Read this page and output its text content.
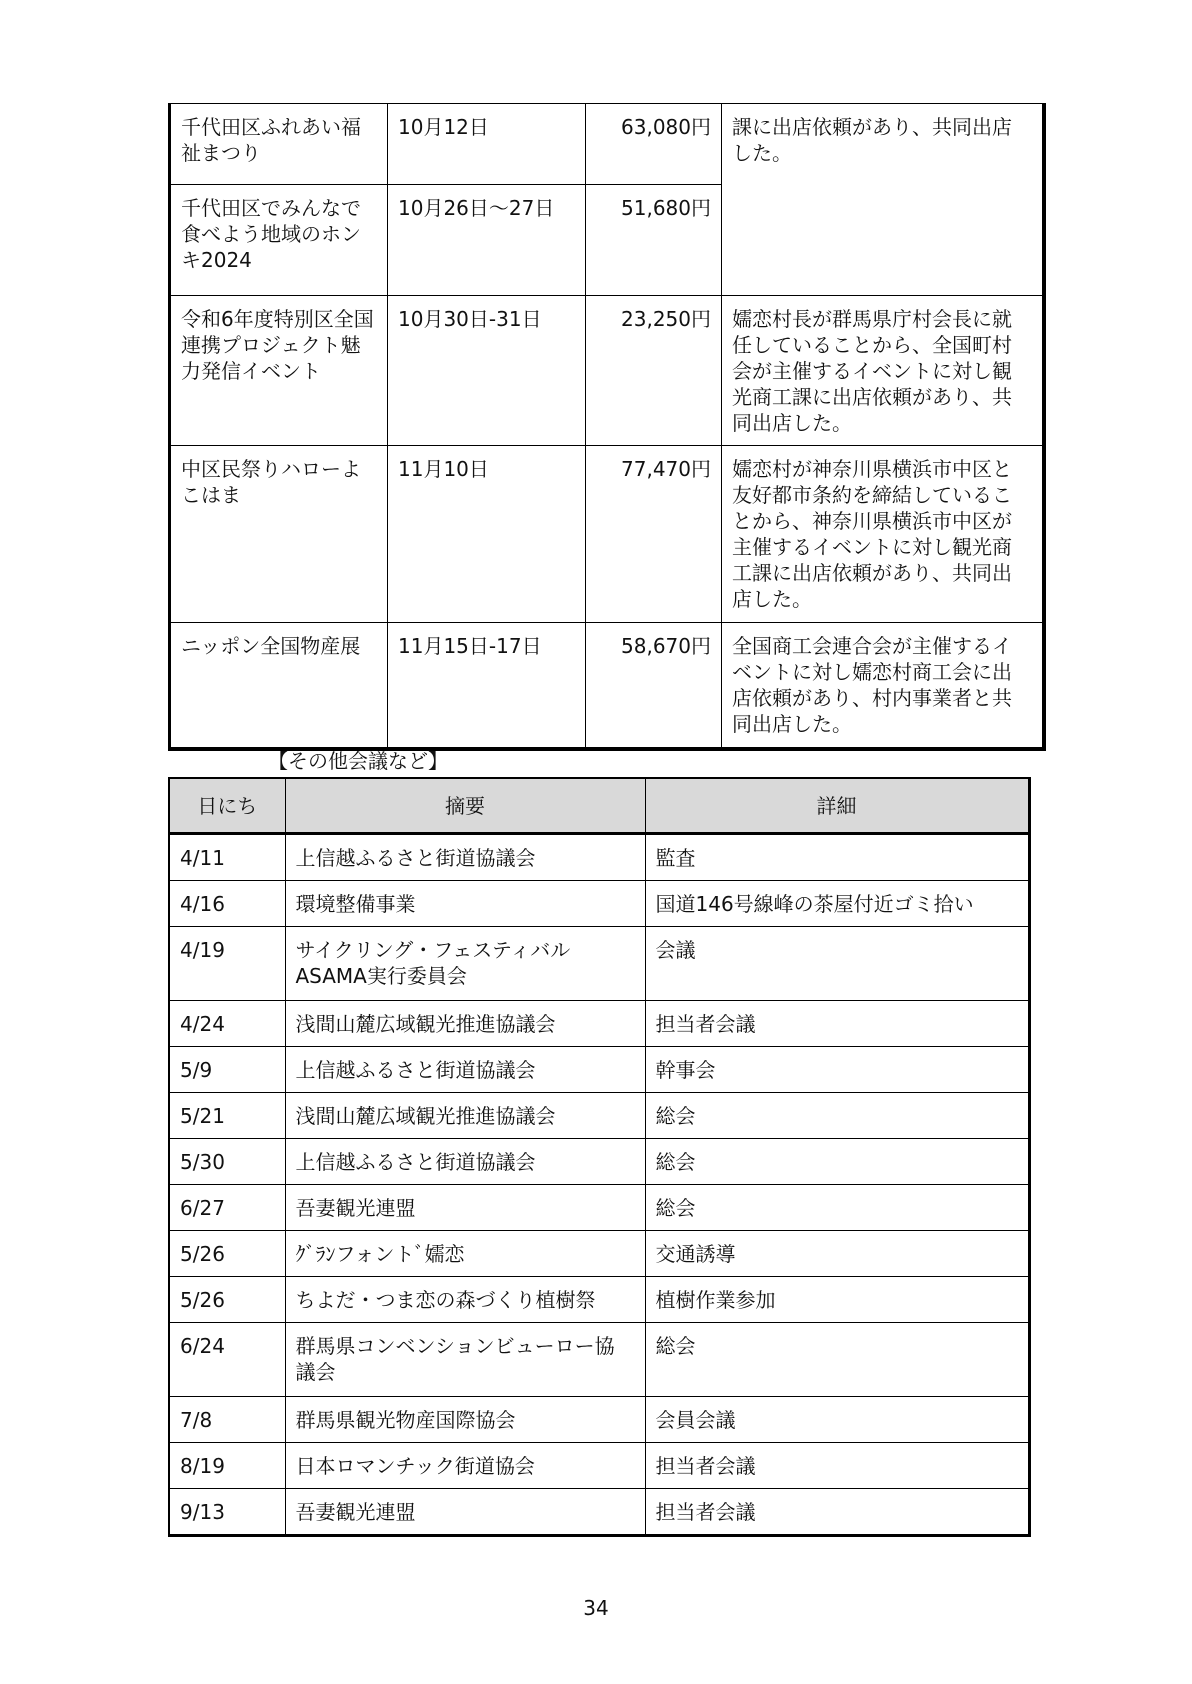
千代田区ふれあい福祉まつり	10月12日	63,080円	課に出店依頼があり、共同出店した。
千代田区でみんなで食べよう地域のホンキ2024	10月26日～27日	51,680円	
令和6年度特別区全国連携プロジェクト魅力発信イベント	10月30日-31日	23,250円	嬬恋村長が群馬県庁村会長に就任していることから、全国町村会が主催するイベントに対し観光商工課に出店依頼があり、共同出店した。
中区民祭りハローよこはま	11月10日	77,470円	嬬恋村が神奈川県横浜市中区と友好都市条約を締結していることから、神奈川県横浜市中区が主催するイベントに対し観光商工課に出店依頼があり、共同出店した。
ニッポン全国物産展	11月15日-17日	58,670円	全国商工会連合会が主催するイベントに対し嬬恋村商工会に出店依頼があり、村内事業者と共同出店した。
【その他会議など】
日にち	摘要	詳細
4/11	上信越ふるさと街道協議会	監査
4/16	環境整備事業	国道146号線峰の茶屋付近ゴミ拾い
4/19	サイクリング・フェスティバルASAMA実行委員会	会議
4/24	浅間山麓広域観光推進協議会	担当者会議
5/9	上信越ふるさと街道協議会	幹事会
5/21	浅間山麓広域観光推進協議会	総会
5/30	上信越ふるさと街道協議会	総会
6/27	吾妻観光連盟	総会
5/26	ｸﾞﾗﾝフォントﾞ嬬恋	交通誘導
5/26	ちよだ・つま恋の森づくり植樹祭	植樹作業参加
6/24	群馬県コンベンションビューロー協議会	総会
7/8	群馬県観光物産国際協会	会員会議
8/19	日本ロマンチック街道協会	担当者会議
9/13	吾妻観光連盟	担当者会議
34
